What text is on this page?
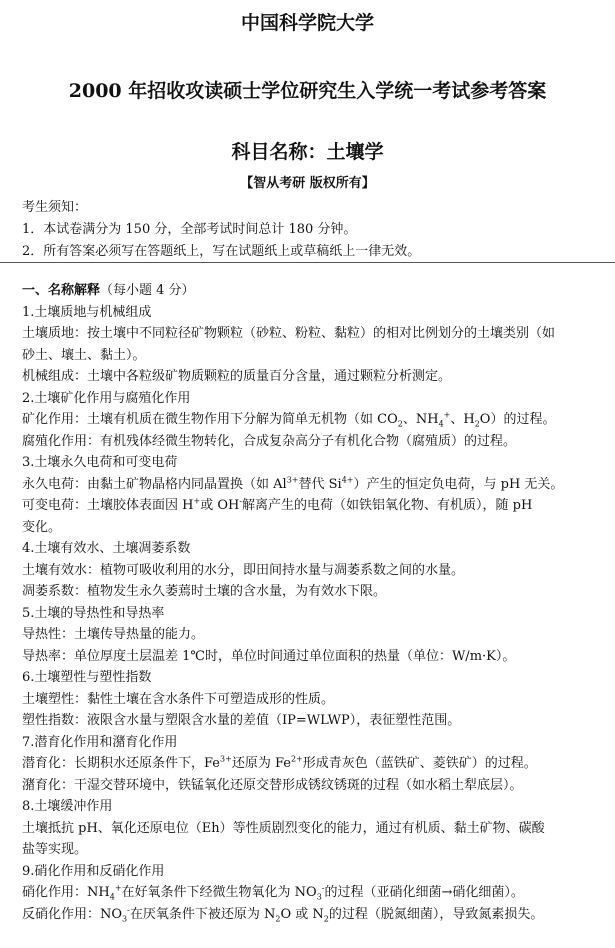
中国科学院大学
2000 年招收攻读硕士学位研究生入学统一考试参考答案
科目名称：土壤学
【智从考研 版权所有】
考生须知：
1．本试卷满分为 150 分，全部考试时间总计 180 分钟。
2．所有答案必须写在答题纸上，写在试题纸上或草稿纸上一律无效。
一、名称解释（每小题 4 分）
1.土壤质地与机械组成
土壤质地：按土壤中不同粒径矿物颗粒（砂粒、粉粒、黏粒）的相对比例划分的土壤类别（如
砂土、壤土、黏土）。
机械组成：土壤中各粒级矿物质颗粒的质量百分含量，通过颗粒分析测定。
2.土壤矿化作用与腐殖化作用
矿化作用：土壤有机质在微生物作用下分解为简单无机物（如 $CO_2$、$NH_4^+$、$H_2O$）的过程。
腐殖化作用：有机残体经微生物转化，合成复杂高分子有机化合物（腐殖质）的过程。
3.土壤永久电荷和可变电荷
永久电荷：由黏土矿物晶格内同晶置换（如 $Al^{3+}$替代 $Si^{4+}$）产生的恒定负电荷，与 pH 无关。
可变电荷：土壤胶体表面因 H+或 OH-解离产生的电荷（如铁铝氧化物、有机质），随 pH
变化。
4.土壤有效水、土壤凋萎系数
土壤有效水：植物可吸收利用的水分，即田间持水量与凋萎系数之间的水量。
凋萎系数：植物发生永久萎蔫时土壤的含水量，为有效水下限。
5.土壤的导热性和导热率
导热性：土壤传导热量的能力。
导热率：单位厚度土层温差 1℃时，单位时间通过单位面积的热量（单位：W/m·K）。
6.土壤塑性与塑性指数
土壤塑性：黏性土壤在含水条件下可塑造成形的性质。
塑性指数：液限含水量与塑限含水量的差值（IP=WLWP），表征塑性范围。
7.潜育化作用和潴育化作用
潜育化：长期积水还原条件下，$Fe^{3+}$还原为 $Fe^{2+}$形成青灰色（蓝铁矿、菱铁矿）的过程。
潴育化：干湿交替环境中，铁锰氧化还原交替形成锈纹锈斑的过程（如水稻土犁底层）。
8.土壤缓冲作用
土壤抵抗 pH、氧化还原电位（Eh）等性质剧烈变化的能力，通过有机质、黏土矿物、碳酸
盐等实现。
9.硝化作用和反硝化作用
硝化作用：$NH_4^+$在好氧条件下经微生物氧化为 $NO_3^-$的过程（亚硝化细菌→硝化细菌）。
反硝化作用：$NO_3^-$在厌氧条件下被还原为 $N_2O$ 或 $N_2$的过程（脱氮细菌），导致氮素损失。
